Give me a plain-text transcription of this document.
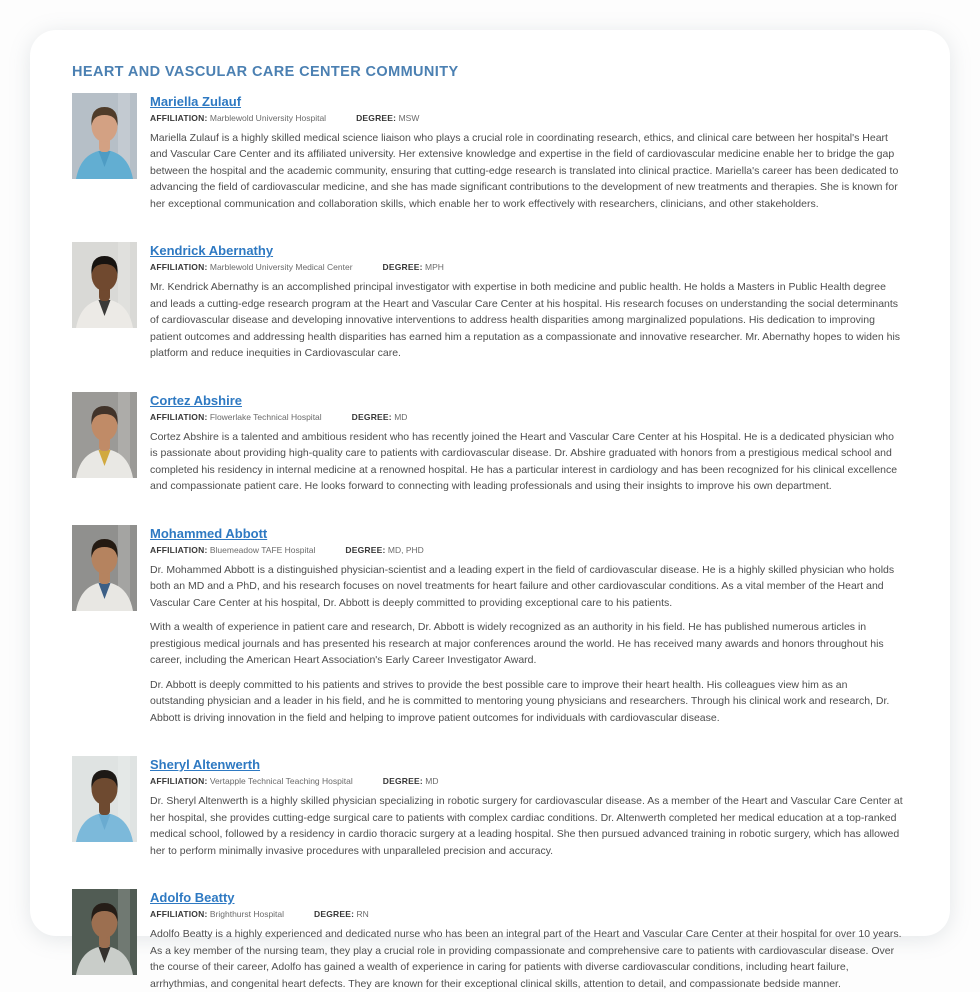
HEART AND VASCULAR CARE CENTER COMMUNITY
Mariella Zulauf
AFFILIATION: Marblewold University Hospital	DEGREE: MSW

Mariella Zulauf is a highly skilled medical science liaison who plays a crucial role in coordinating research, ethics, and clinical care between her hospital's Heart and Vascular Care Center and its affiliated university. Her extensive knowledge and expertise in the field of cardiovascular medicine enable her to bridge the gap between the hospital and the academic community, ensuring that cutting-edge research is translated into clinical practice. Mariella's career has been dedicated to advancing the field of cardiovascular medicine, and she has made significant contributions to the development of new treatments and therapies. She is known for her exceptional communication and collaboration skills, which enable her to work effectively with researchers, clinicians, and other stakeholders.

Kendrick Abernathy
AFFILIATION: Marblewold University Medical Center	DEGREE: MPH

Mr. Kendrick Abernathy is an accomplished principal investigator with expertise in both medicine and public health. He holds a Masters in Public Health degree and leads a cutting-edge research program at the Heart and Vascular Care Center at his hospital. His research focuses on understanding the social determinants of cardiovascular disease and developing innovative interventions to address health disparities among marginalized populations. His dedication to improving patient outcomes and addressing health disparities has earned him a reputation as a compassionate and innovative researcher. Mr. Abernathy hopes to widen his platform and reduce inequities in Cardiovascular care.

Cortez Abshire
AFFILIATION: Flowerlake Technical Hospital	DEGREE: MD

Cortez Abshire is a talented and ambitious resident who has recently joined the Heart and Vascular Care Center at his Hospital. He is a dedicated physician who is passionate about providing high-quality care to patients with cardiovascular disease. Dr. Abshire graduated with honors from a prestigious medical school and completed his residency in internal medicine at a renowned hospital. He has a particular interest in cardiology and has been recognized for his clinical excellence and compassionate patient care. He looks forward to connecting with leading professionals and using their insights to improve his own department.

Mohammed Abbott
AFFILIATION: Bluemeadow TAFE Hospital	DEGREE: MD, PHD

Dr. Mohammed Abbott is a distinguished physician-scientist and a leading expert in the field of cardiovascular disease. He is a highly skilled physician who holds both an MD and a PhD, and his research focuses on novel treatments for heart failure and other cardiovascular conditions. As a vital member of the Heart and Vascular Care Center at his hospital, Dr. Abbott is deeply committed to providing exceptional care to his patients.

With a wealth of experience in patient care and research, Dr. Abbott is widely recognized as an authority in his field. He has published numerous articles in prestigious medical journals and has presented his research at major conferences around the world. He has received many awards and honors throughout his career, including the American Heart Association's Early Career Investigator Award.

Dr. Abbott is deeply committed to his patients and strives to provide the best possible care to improve their heart health. His colleagues view him as an outstanding physician and a leader in his field, and he is committed to mentoring young physicians and researchers. Through his clinical work and research, Dr. Abbott is driving innovation in the field and helping to improve patient outcomes for individuals with cardiovascular disease.

Sheryl Altenwerth
AFFILIATION: Vertapple Technical Teaching Hospital	DEGREE: MD

Dr. Sheryl Altenwerth is a highly skilled physician specializing in robotic surgery for cardiovascular disease. As a member of the Heart and Vascular Care Center at her hospital, she provides cutting-edge surgical care to patients with complex cardiac conditions. Dr. Altenwerth completed her medical education at a top-ranked medical school, followed by a residency in cardio thoracic surgery at a leading hospital. She then pursued advanced training in robotic surgery, which has allowed her to perform minimally invasive procedures with unparalleled precision and accuracy.

Adolfo Beatty
AFFILIATION: Brighthurst Hospital	DEGREE: RN

Adolfo Beatty is a highly experienced and dedicated nurse who has been an integral part of the Heart and Vascular Care Center at their hospital for over 10 years. As a key member of the nursing team, they play a crucial role in providing compassionate and comprehensive care to patients with cardiovascular disease. Over the course of their career, Adolfo has gained a wealth of experience in caring for patients with diverse cardiovascular conditions, including heart failure, arrhythmias, and congenital heart defects. They are known for their exceptional clinical skills, attention to detail, and compassionate bedside manner.
